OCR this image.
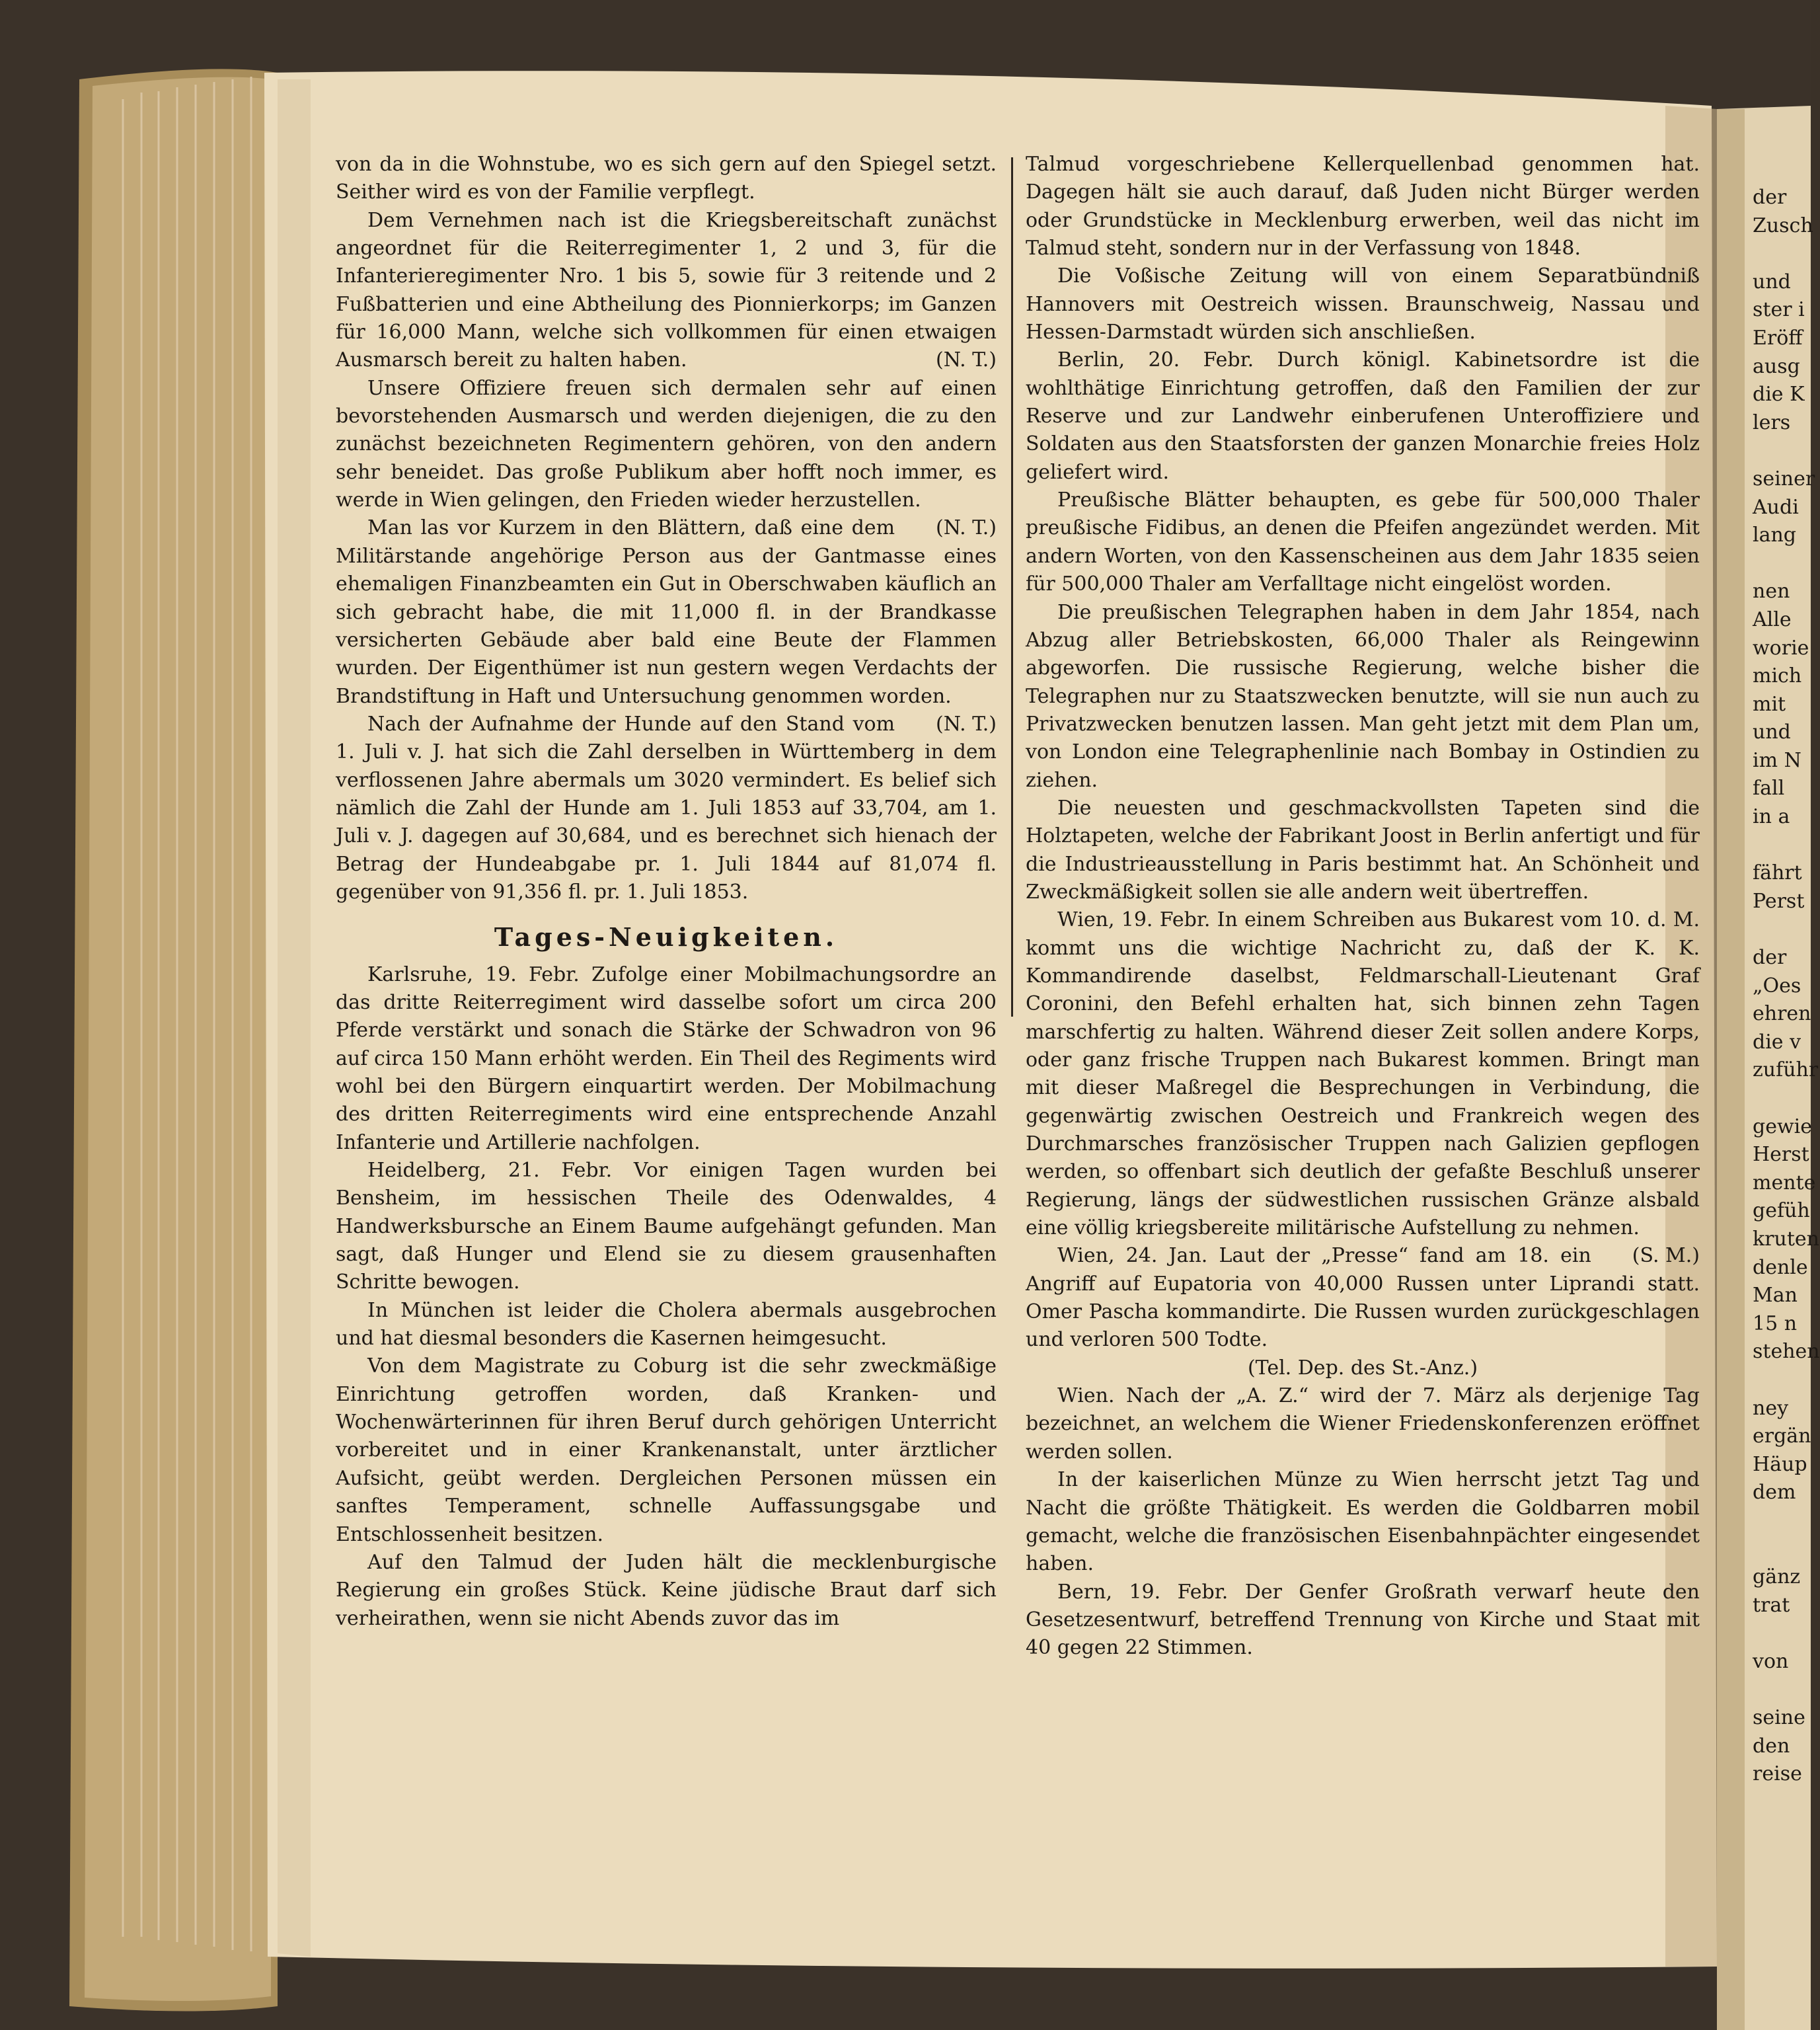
von da in die Wohnstube, wo es sich gern auf den Spiegel setzt. Seither wird es von der Familie verpflegt.

Dem Vernehmen nach ist die Kriegsbereitschaft zunächst angeordnet für die Reiterregimenter 1, 2 und 3, für die Infanterieregimenter Nro. 1 bis 5, sowie für 3 reitende und 2 Fußbatterien und eine Abtheilung des Pionnierkorps; im Ganzen für 16,000 Mann, welche sich vollkommen für einen etwaigen Ausmarsch bereit zu halten haben.	(N. T.)

Unsere Offiziere freuen sich dermalen sehr auf einen bevorstehenden Ausmarsch und werden diejenigen, die zu den zunächst bezeichneten Regimentern gehören, von den andern sehr beneidet. Das große Publikum aber hofft noch immer, es werde in Wien gelingen, den Frieden wieder herzustellen.
(N. T.)

Man las vor Kurzem in den Blättern, daß eine dem Militärstande angehörige Person aus der Gantmasse eines ehemaligen Finanzbeamten ein Gut in Oberschwaben käuflich an sich gebracht habe, die mit 11,000 fl. in der Brandkasse versicherten Gebäude aber bald eine Beute der Flammen wurden. Der Eigenthümer ist nun gestern wegen Verdachts der Brandstiftung in Haft und Untersuchung genommen worden.
(N. T.)

Nach der Aufnahme der Hunde auf den Stand vom 1. Juli v. J. hat sich die Zahl derselben in Württemberg in dem verflossenen Jahre abermals um 3020 vermindert. Es belief sich nämlich die Zahl der Hunde am 1. Juli 1853 auf 33,704, am 1. Juli v. J. dagegen auf 30,684, und es berechnet sich hienach der Betrag der Hundeabgabe pr. 1. Juli 1844 auf 81,074 fl. gegenüber von 91,356 fl. pr. 1. Juli 1853.

Tages-Neuigkeiten.

Karlsruhe, 19. Febr. Zufolge einer Mobilmachungsordre an das dritte Reiterregiment wird dasselbe sofort um circa 200 Pferde verstärkt und sonach die Stärke der Schwadron von 96 auf circa 150 Mann erhöht werden. Ein Theil des Regiments wird wohl bei den Bürgern einquartirt werden. Der Mobilmachung des dritten Reiterregiments wird eine entsprechende Anzahl Infanterie und Artillerie nachfolgen.

Heidelberg, 21. Febr. Vor einigen Tagen wurden bei Bensheim, im hessischen Theile des Odenwaldes, 4 Handwerksbursche an Einem Baume aufgehängt gefunden. Man sagt, daß Hunger und Elend sie zu diesem grausenhaften Schritte bewogen.

In München ist leider die Cholera abermals ausgebrochen und hat diesmal besonders die Kasernen heimgesucht.

Von dem Magistrate zu Coburg ist die sehr zweckmäßige Einrichtung getroffen worden, daß Kranken- und Wochenwärterinnen für ihren Beruf durch gehörigen Unterricht vorbereitet und in einer Krankenanstalt, unter ärztlicher Aufsicht, geübt werden. Dergleichen Personen müssen ein sanftes Temperament, schnelle Auffassungsgabe und Entschlossenheit besitzen.

Auf den Talmud der Juden hält die mecklenburgische Regierung ein großes Stück. Keine jüdische Braut darf sich verheirathen, wenn sie nicht Abends zuvor das im

Talmud vorgeschriebene Kellerquellenbad genommen hat. Dagegen hält sie auch darauf, daß Juden nicht Bürger werden oder Grundstücke in Mecklenburg erwerben, weil das nicht im Talmud steht, sondern nur in der Verfassung von 1848.

Die Voßische Zeitung will von einem Separatbündniß Hannovers mit Oestreich wissen. Braunschweig, Nassau und Hessen-Darmstadt würden sich anschließen.

Berlin, 20. Febr. Durch königl. Kabinetsordre ist die wohlthätige Einrichtung getroffen, daß den Familien der zur Reserve und zur Landwehr einberufenen Unteroffiziere und Soldaten aus den Staatsforsten der ganzen Monarchie freies Holz geliefert wird.

Preußische Blätter behaupten, es gebe für 500,000 Thaler preußische Fidibus, an denen die Pfeifen angezündet werden. Mit andern Worten, von den Kassenscheinen aus dem Jahr 1835 seien für 500,000 Thaler am Verfalltage nicht eingelöst worden.

Die preußischen Telegraphen haben in dem Jahr 1854, nach Abzug aller Betriebskosten, 66,000 Thaler als Reingewinn abgeworfen. Die russische Regierung, welche bisher die Telegraphen nur zu Staatszwecken benutzte, will sie nun auch zu Privatzwecken benutzen lassen. Man geht jetzt mit dem Plan um, von London eine Telegraphenlinie nach Bombay in Ostindien zu ziehen.

Die neuesten und geschmackvollsten Tapeten sind die Holztapeten, welche der Fabrikant Joost in Berlin anfertigt und für die Industrieausstellung in Paris bestimmt hat. An Schönheit und Zweckmäßigkeit sollen sie alle andern weit übertreffen.

Wien, 19. Febr. In einem Schreiben aus Bukarest vom 10. d. M. kommt uns die wichtige Nachricht zu, daß der K. K. Kommandirende daselbst, Feldmarschall-Lieutenant Graf Coronini, den Befehl erhalten hat, sich binnen zehn Tagen marschfertig zu halten. Während dieser Zeit sollen andere Korps, oder ganz frische Truppen nach Bukarest kommen. Bringt man mit dieser Maßregel die Besprechungen in Verbindung, die gegenwärtig zwischen Oestreich und Frankreich wegen des Durchmarsches französischer Truppen nach Galizien gepflogen werden, so offenbart sich deutlich der gefaßte Beschluß unserer Regierung, längs der südwestlichen russischen Gränze alsbald eine völlig kriegsbereite militärische Aufstellung zu nehmen.
(S. M.)

Wien, 24. Jan. Laut der „Presse“ fand am 18. ein Angriff auf Eupatoria von 40,000 Russen unter Liprandi statt. Omer Pascha kommandirte. Die Russen wurden zurückgeschlagen und verloren 500 Todte.

(Tel. Dep. des St.-Anz.)

Wien. Nach der „A. Z.“ wird der 7. März als derjenige Tag bezeichnet, an welchem die Wiener Friedenskonferenzen eröffnet werden sollen.

In der kaiserlichen Münze zu Wien herrscht jetzt Tag und Nacht die größte Thätigkeit. Es werden die Goldbarren mobil gemacht, welche die französischen Eisenbahnpächter eingesendet haben.

Bern, 19. Febr. Der Genfer Großrath verwarf heute den Gesetzesentwurf, betreffend Trennung von Kirche und Staat mit 40 gegen 22 Stimmen.

der
Zusch
und
ster i
Eröff
ausg
die K
lers
seiner
Audi
lang
nen
Alle
worie
mich
mit
und
im N
fall
in a
fährt
Perst
der
„Oes
ehren
die v
zuführ
gewie
Herst
mente
gefüh
kruten
denle
Man
15 n
stehen
ney
ergän
Häup
dem
gänz
trat
von
seine
den
reise
